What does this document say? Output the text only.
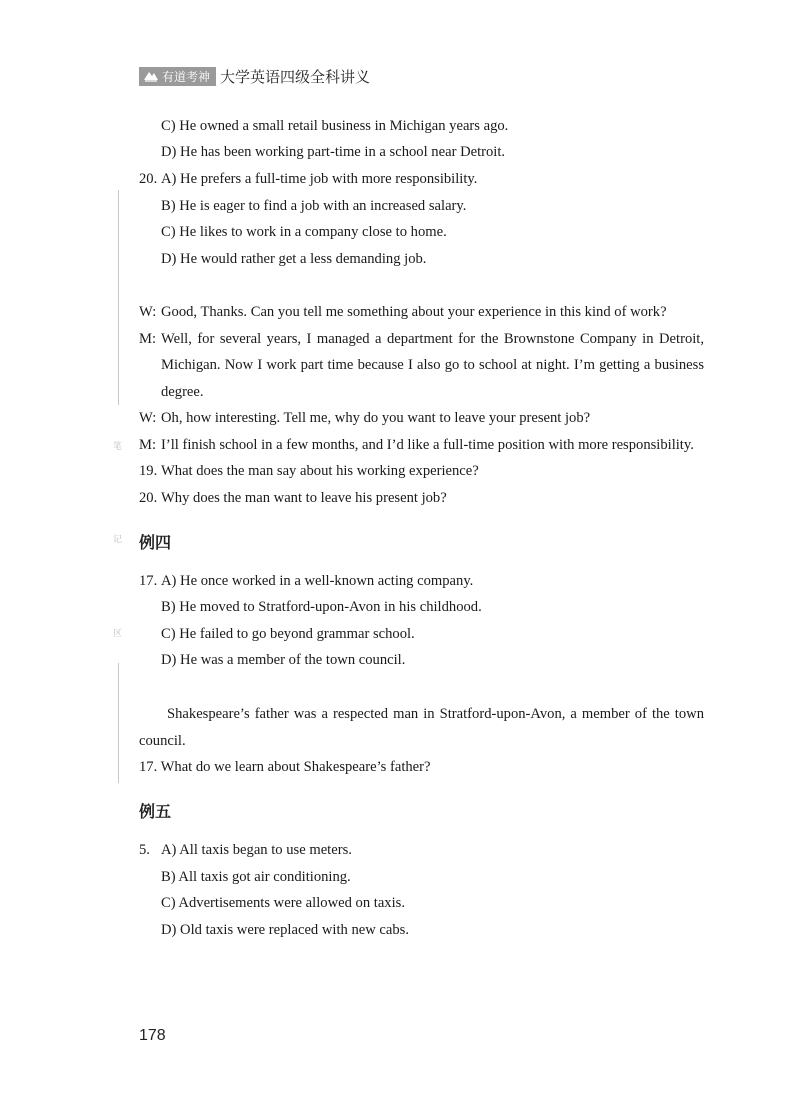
有道考神 大学英语四级全科讲义
笔
记
区
C) He owned a small retail business in Michigan years ago.
D) He has been working part-time in a school near Detroit.
20. A) He prefers a full-time job with more responsibility.
B) He is eager to find a job with an increased salary.
C) He likes to work in a company close to home.
D) He would rather get a less demanding job.
W: Good, Thanks. Can you tell me something about your experience in this kind of work?
M: Well, for several years, I managed a department for the Brownstone Company in Detroit,
Michigan. Now I work part time because I also go to school at night. I’m getting a business
degree.
W: Oh, how interesting. Tell me, why do you want to leave your present job?
M: I’ll finish school in a few months, and I’d like a full-time position with more responsibility.
19. What does the man say about his working experience?
20. Why does the man want to leave his present job?
例四
17. A) He once worked in a well-known acting company.
B) He moved to Stratford-upon-Avon in his childhood.
C) He failed to go beyond grammar school.
D) He was a member of the town council.
Shakespeare’s father was a respected man in Stratford-upon-Avon, a member of the town
council.
17. What do we learn about Shakespeare’s father?
例五
5. A) All taxis began to use meters.
B) All taxis got air conditioning.
C) Advertisements were allowed on taxis.
D) Old taxis were replaced with new cabs.
178
